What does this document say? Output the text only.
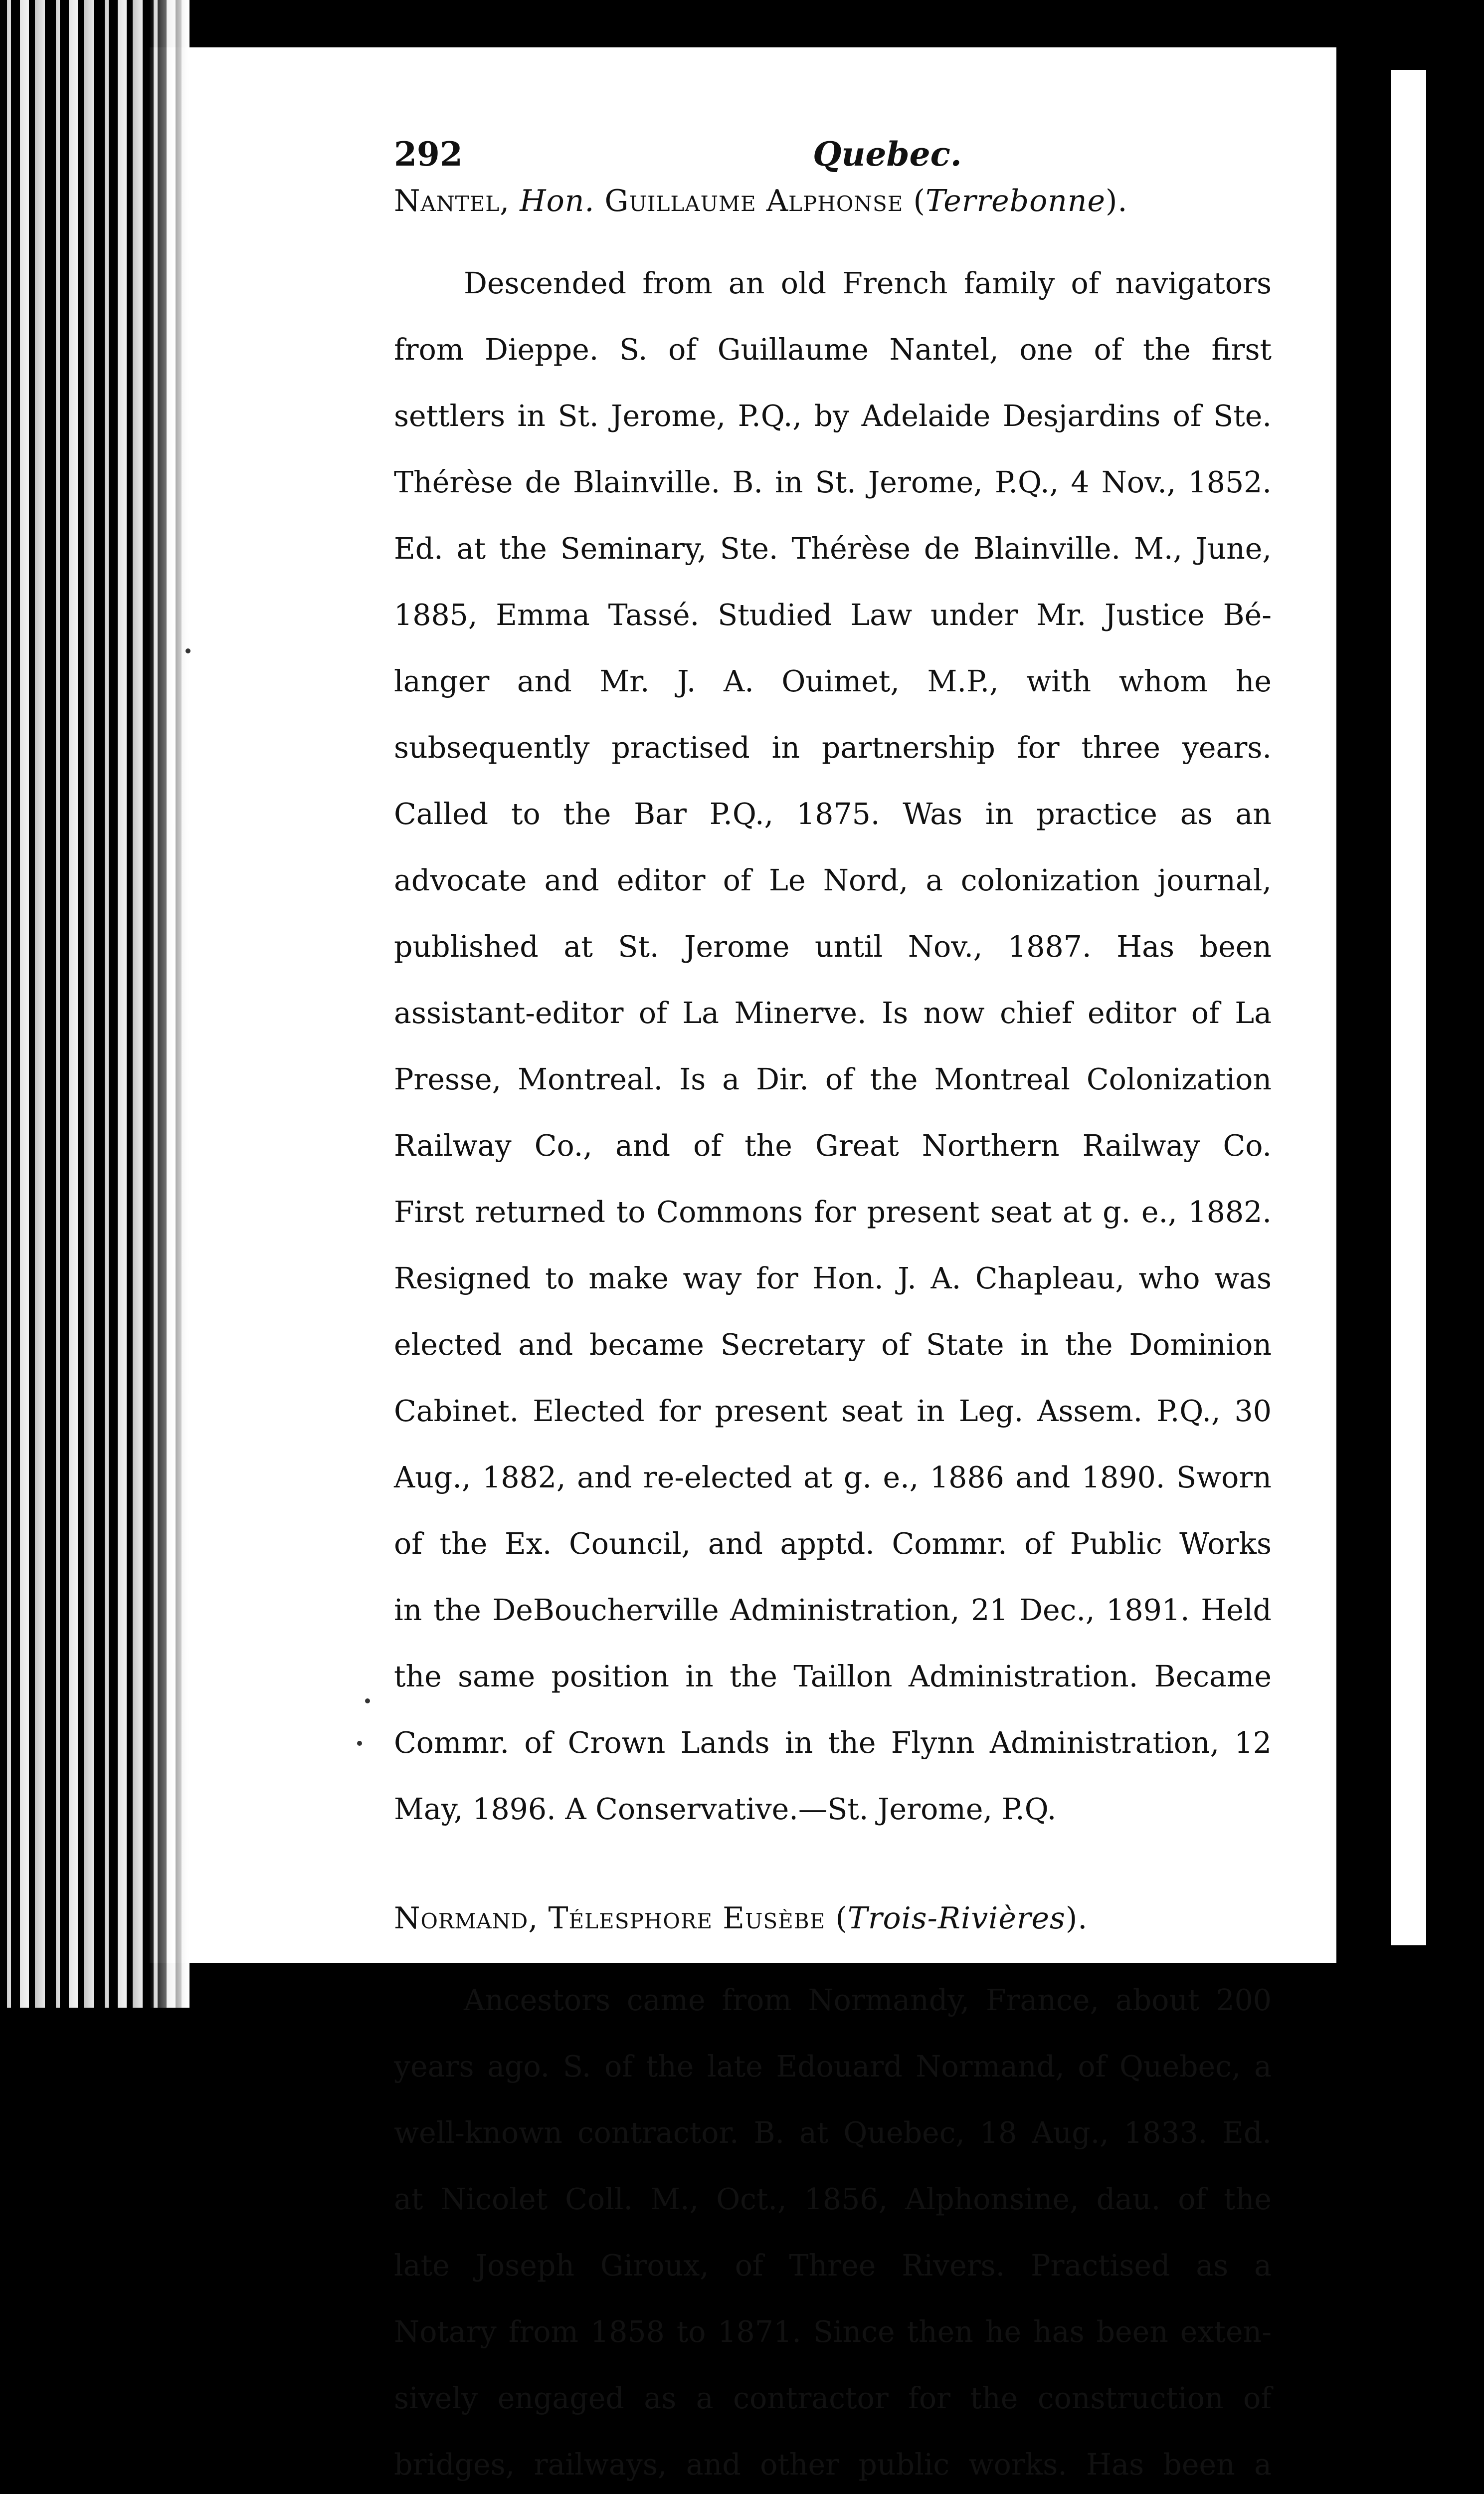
292	Quebec.
Nantel, Hon. Guillaume Alphonse (Terrebonne).

Descended from an old French family of navigators

from Dieppe. S. of Guillaume Nantel, one of the first

settlers in St. Jerome, P.Q., by Adelaide Desjardins of Ste.

Thérèse de Blainville. B. in St. Jerome, P.Q., 4 Nov., 1852.

Ed. at the Seminary, Ste. Thérèse de Blainville. M., June,

1885, Emma Tassé. Studied Law under Mr. Justice Bé-

langer and Mr. J. A. Ouimet, M.P., with whom he

subsequently practised in partnership for three years.

Called to the Bar P.Q., 1875. Was in practice as an

advocate and editor of Le Nord, a colonization journal,

published at St. Jerome until Nov., 1887. Has been

assistant-editor of La Minerve. Is now chief editor of La

Presse, Montreal. Is a Dir. of the Montreal Colonization

Railway Co., and of the Great Northern Railway Co.

First returned to Commons for present seat at g. e., 1882.

Resigned to make way for Hon. J. A. Chapleau, who was

elected and became Secretary of State in the Dominion

Cabinet. Elected for present seat in Leg. Assem. P.Q., 30

Aug., 1882, and re-elected at g. e., 1886 and 1890. Sworn

of the Ex. Council, and apptd. Commr. of Public Works

in the DeBoucherville Administration, 21 Dec., 1891. Held

the same position in the Taillon Administration. Became

Commr. of Crown Lands in the Flynn Administration, 12

May, 1896. A Conservative.—St. Jerome, P.Q.

Normand, Télesphore Eusèbe (Trois-Rivières).

Ancestors came from Normandy, France, about 200

years ago. S. of the late Edouard Normand, of Quebec, a

well-known contractor. B. at Quebec, 18 Aug., 1833. Ed.

at Nicolet Coll. M., Oct., 1856, Alphonsine, dau. of the

late Joseph Giroux, of Three Rivers. Practised as a

Notary from 1858 to 1871. Since then he has been exten-

sively engaged as a contractor for the construction of

bridges, railways, and other public works. Has been a
